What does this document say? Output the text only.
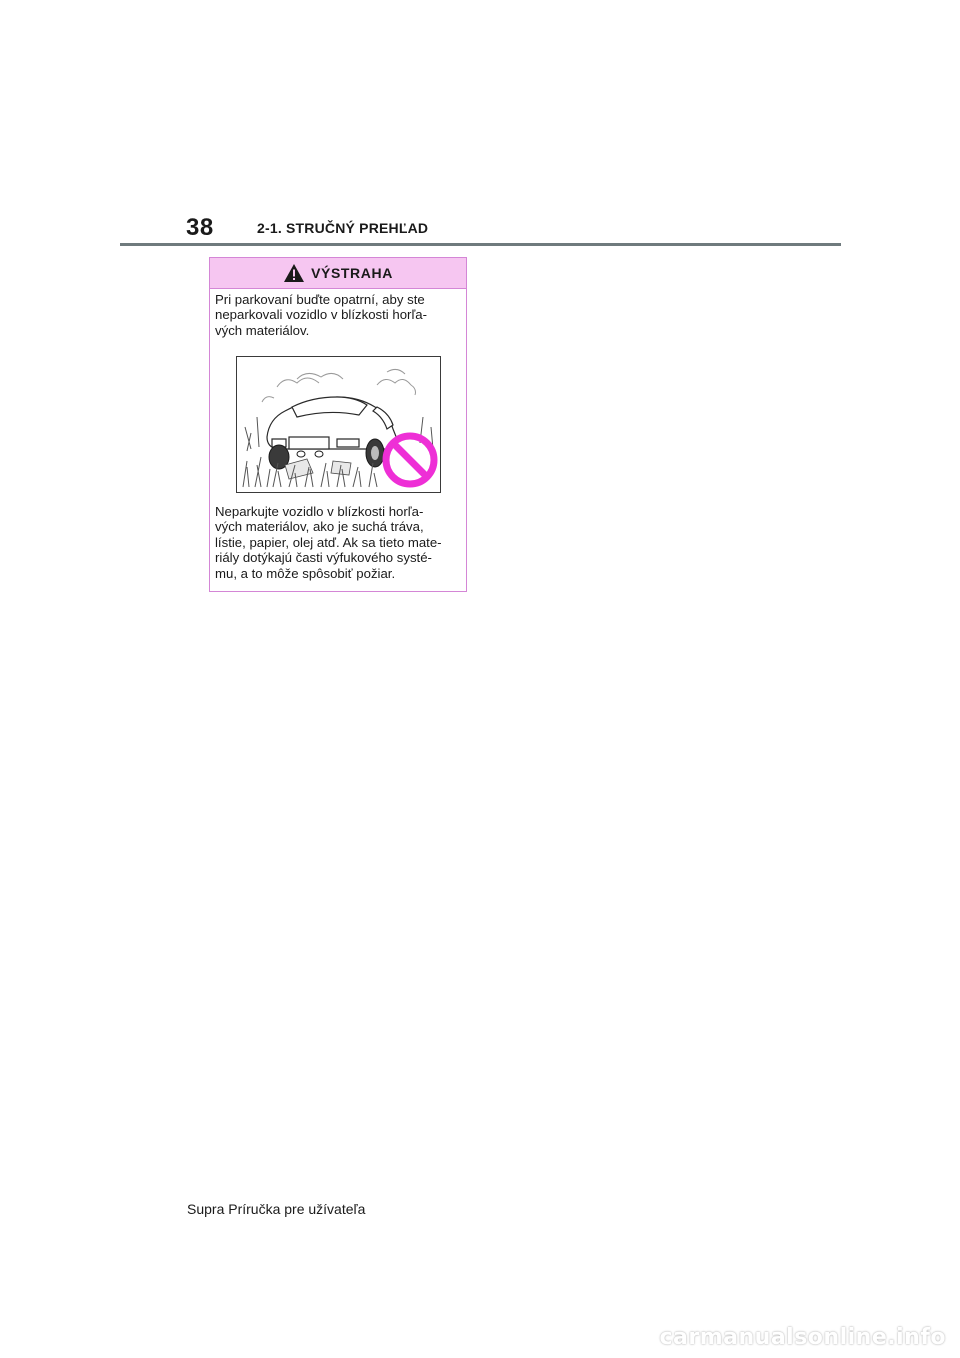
38	2-1. STRUČNÝ PREHĽAD
VÝSTRAHA

Pri parkovaní buďte opatrní, aby ste
neparkovali vozidlo v blízkosti horľa-
vých materiálov.

Neparkujte vozidlo v blízkosti horľa-
vých materiálov, ako je suchá tráva,
lístie, papier, olej atď. Ak sa tieto mate-
riály dotýkajú časti výfukového systé-
mu, a to môže spôsobiť požiar.

Supra Príručka pre užívateľa
carmanualsonline.info
